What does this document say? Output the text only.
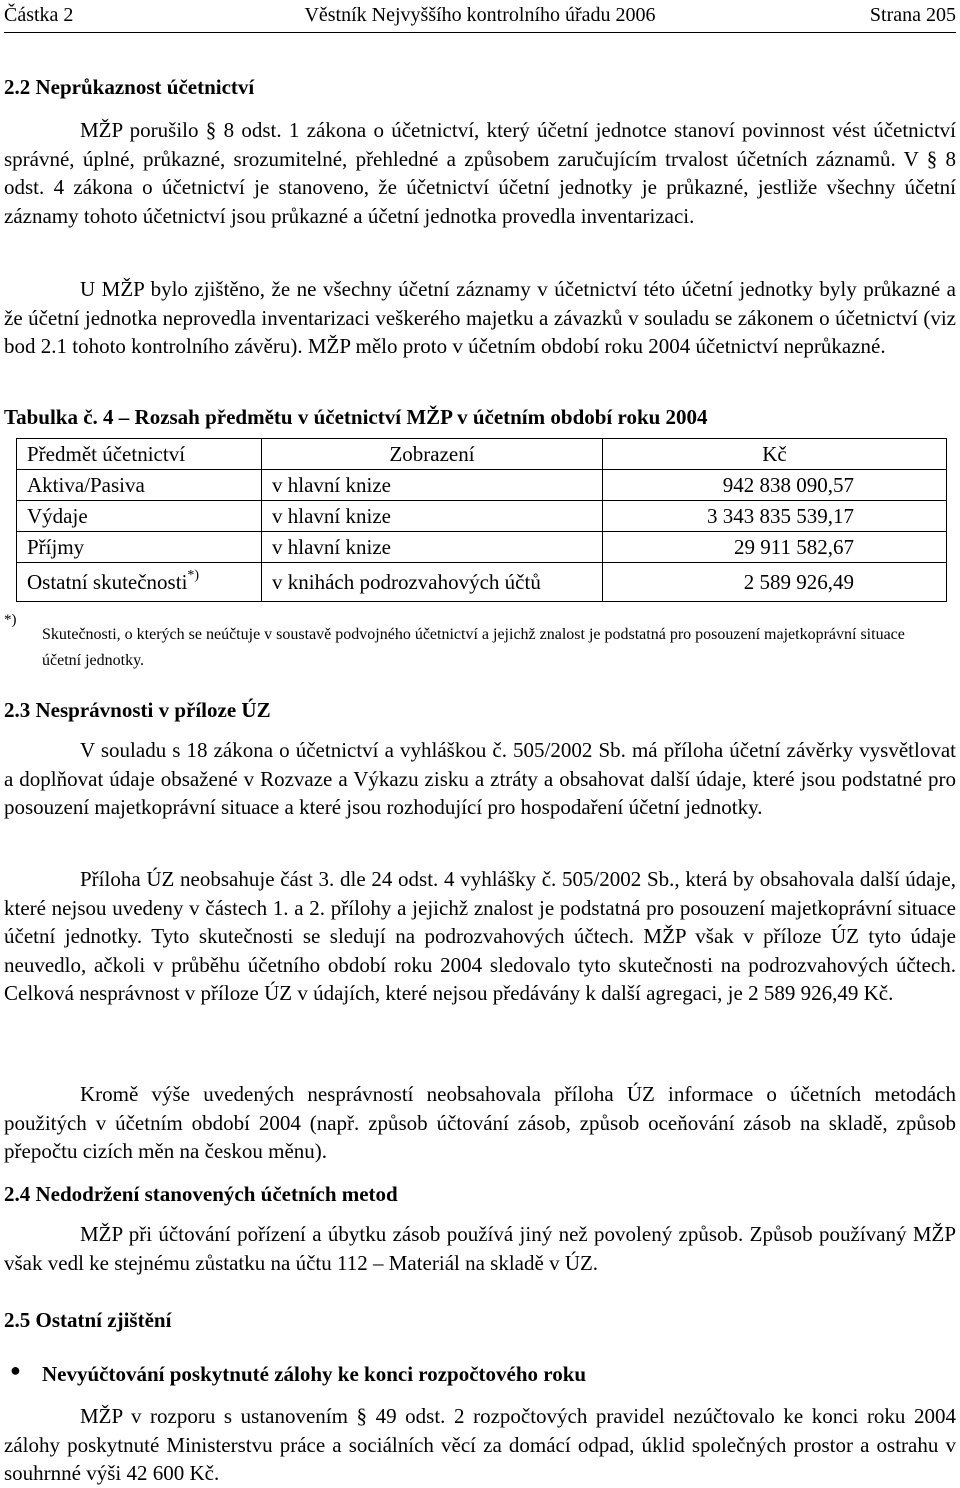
Částka 2	Věstník Nejvyššího kontrolního úřadu 2006	Strana 205
2.2 Neprůkaznost účetnictví
MŽP porušilo § 8 odst. 1 zákona o účetnictví, který účetní jednotce stanoví povinnost vést účetnictví správné, úplné, průkazné, srozumitelné, přehledné a způsobem zaručujícím trvalost účetních záznamů. V § 8 odst. 4 zákona o účetnictví je stanoveno, že účetnictví účetní jednotky je průkazné, jestliže všechny účetní záznamy tohoto účetnictví jsou průkazné a účetní jednotka provedla inventarizaci.
U MŽP bylo zjištěno, že ne všechny účetní záznamy v účetnictví této účetní jednotky byly průkazné a že účetní jednotka neprovedla inventarizaci veškerého majetku a závazků v souladu se zákonem o účetnictví (viz bod 2.1 tohoto kontrolního závěru). MŽP mělo proto v účetním období roku 2004 účetnictví neprůkazné.
Tabulka č. 4 – Rozsah předmětu v účetnictví MŽP v účetním období roku 2004
Předmět účetnictví	Zobrazení	Kč
Aktiva/Pasiva	v hlavní knize	942 838 090,57
Výdaje	v hlavní knize	3 343 835 539,17
Příjmy	v hlavní knize	29 911 582,67
Ostatní skutečnosti*)	v knihách podrozvahových účtů	2 589 926,49
*)
Skutečnosti, o kterých se neúčtuje v soustavě podvojného účetnictví a jejichž znalost je podstatná pro posouzení majetkoprávní situace účetní jednotky.
2.3 Nesprávnosti v příloze ÚZ
V souladu s 18 zákona o účetnictví a vyhláškou č. 505/2002 Sb. má příloha účetní závěrky vysvětlovat a doplňovat údaje obsažené v Rozvaze a Výkazu zisku a ztráty a obsahovat další údaje, které jsou podstatné pro posouzení majetkoprávní situace a které jsou rozhodující pro hospodaření účetní jednotky.
Příloha ÚZ neobsahuje část 3. dle 24 odst. 4 vyhlášky č. 505/2002 Sb., která by obsahovala další údaje, které nejsou uvedeny v částech 1. a 2. přílohy a jejichž znalost je podstatná pro posouzení majetkoprávní situace účetní jednotky. Tyto skutečnosti se sledují na podrozvahových účtech. MŽP však v příloze ÚZ tyto údaje neuvedlo, ačkoli v průběhu účetního období roku 2004 sledovalo tyto skutečnosti na podrozvahových účtech. Celková nesprávnost v příloze ÚZ v údajích, které nejsou předávány k další agregaci, je 2 589 926,49 Kč.
Kromě výše uvedených nesprávností neobsahovala příloha ÚZ informace o účetních metodách použitých v účetním období 2004 (např. způsob účtování zásob, způsob oceňování zásob na skladě, způsob přepočtu cizích měn na českou měnu).
2.4 Nedodržení stanovených účetních metod
MŽP při účtování pořízení a úbytku zásob používá jiný než povolený způsob. Způsob používaný MŽP však vedl ke stejnému zůstatku na účtu 112 – Materiál na skladě v ÚZ.
2.5 Ostatní zjištění
● Nevyúčtování poskytnuté zálohy ke konci rozpočtového roku
MŽP v rozporu s ustanovením § 49 odst. 2 rozpočtových pravidel nezúčtovalo ke konci roku 2004 zálohy poskytnuté Ministerstvu práce a sociálních věcí za domácí odpad, úklid společných prostor a ostrahu v souhrnné výši 42 600 Kč.
